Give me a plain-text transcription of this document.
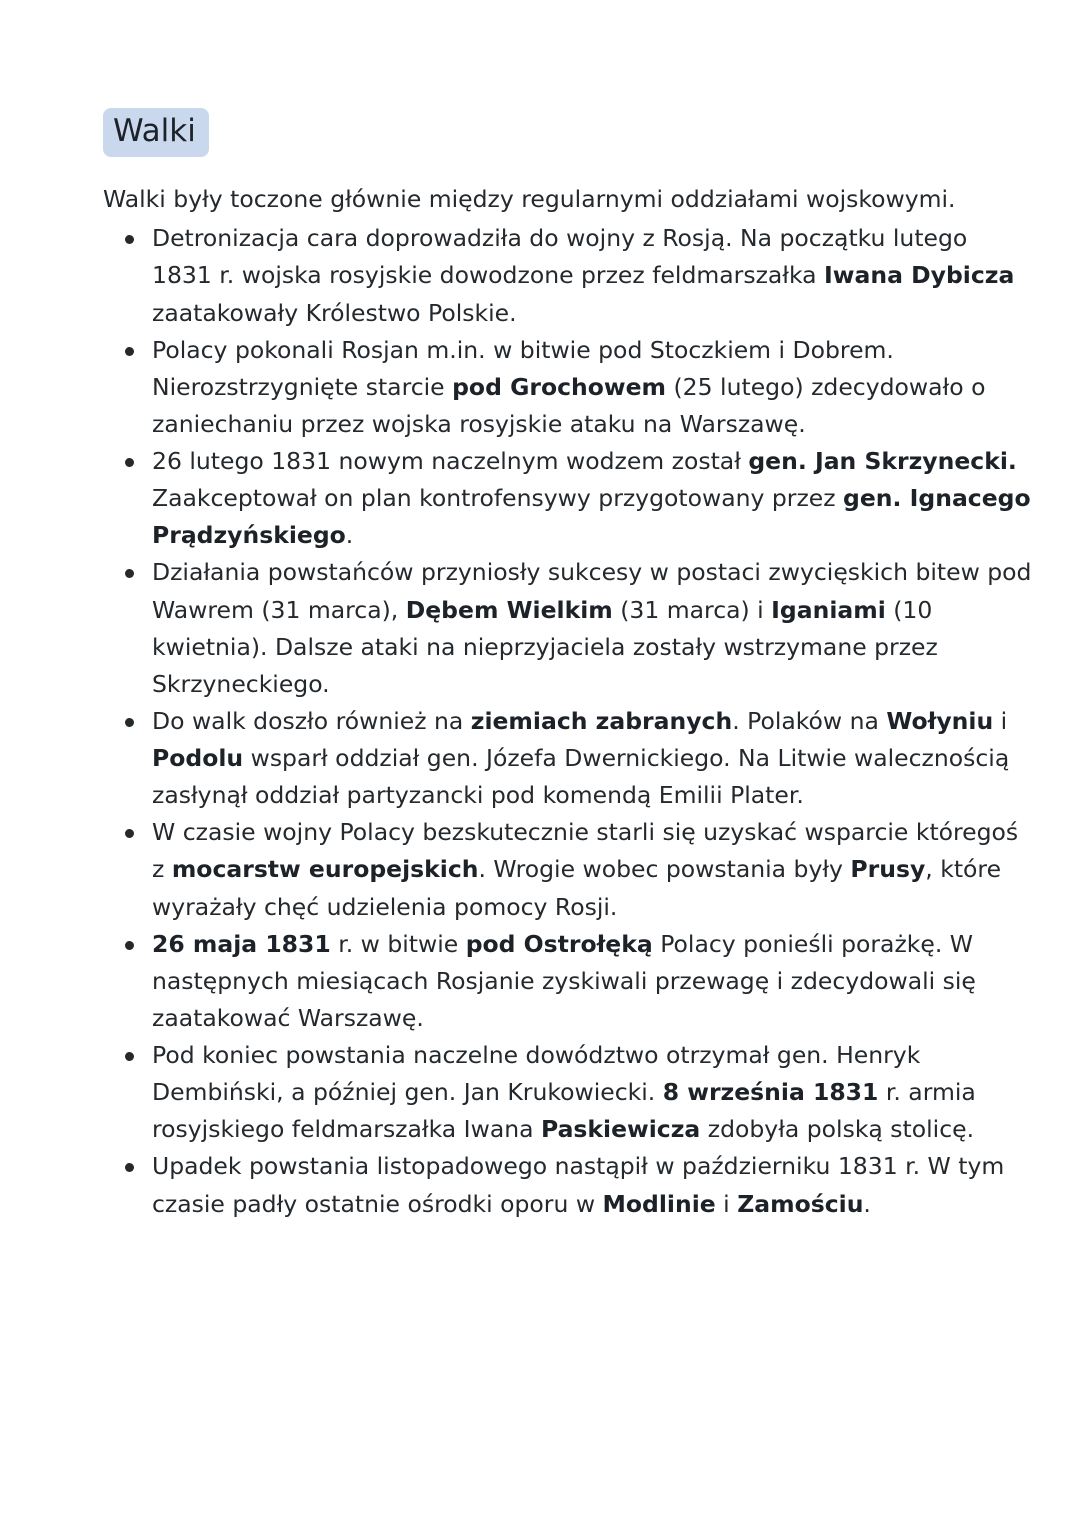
Walki

Walki były toczone głównie między regularnymi oddziałami wojskowymi.

Detronizacja cara doprowadziła do wojny z Rosją. Na początku lutego 1831 r. wojska rosyjskie dowodzone przez feldmarszałka Iwana Dybicza zaatakowały Królestwo Polskie.
Polacy pokonali Rosjan m.in. w bitwie pod Stoczkiem i Dobrem. Nierozstrzygnięte starcie pod Grochowem (25 lutego) zdecydowało o zaniechaniu przez wojska rosyjskie ataku na Warszawę.
26 lutego 1831 nowym naczelnym wodzem został gen. Jan Skrzynecki. Zaakceptował on plan kontrofensywy przygotowany przez gen. Ignacego Prądzyńskiego.
Działania powstańców przyniosły sukcesy w postaci zwycięskich bitew pod Wawrem (31 marca), Dębem Wielkim (31 marca) i Iganiami (10 kwietnia). Dalsze ataki na nieprzyjaciela zostały wstrzymane przez Skrzyneckiego.
Do walk doszło również na ziemiach zabranych. Polaków na Wołyniu i Podolu wsparł oddział gen. Józefa Dwernickiego. Na Litwie walecznością zasłynął oddział partyzancki pod komendą Emilii Plater.
W czasie wojny Polacy bezskutecznie starli się uzyskać wsparcie któregoś z mocarstw europejskich. Wrogie wobec powstania były Prusy, które wyrażały chęć udzielenia pomocy Rosji.
26 maja 1831 r. w bitwie pod Ostrołęką Polacy ponieśli porażkę. W następnych miesiącach Rosjanie zyskiwali przewagę i zdecydowali się zaatakować Warszawę.
Pod koniec powstania naczelne dowództwo otrzymał gen. Henryk Dembiński, a później gen. Jan Krukowiecki. 8 września 1831 r. armia rosyjskiego feldmarszałka Iwana Paskiewicza zdobyła polską stolicę.
Upadek powstania listopadowego nastąpił w październiku 1831 r. W tym czasie padły ostatnie ośrodki oporu w Modlinie i Zamościu.
